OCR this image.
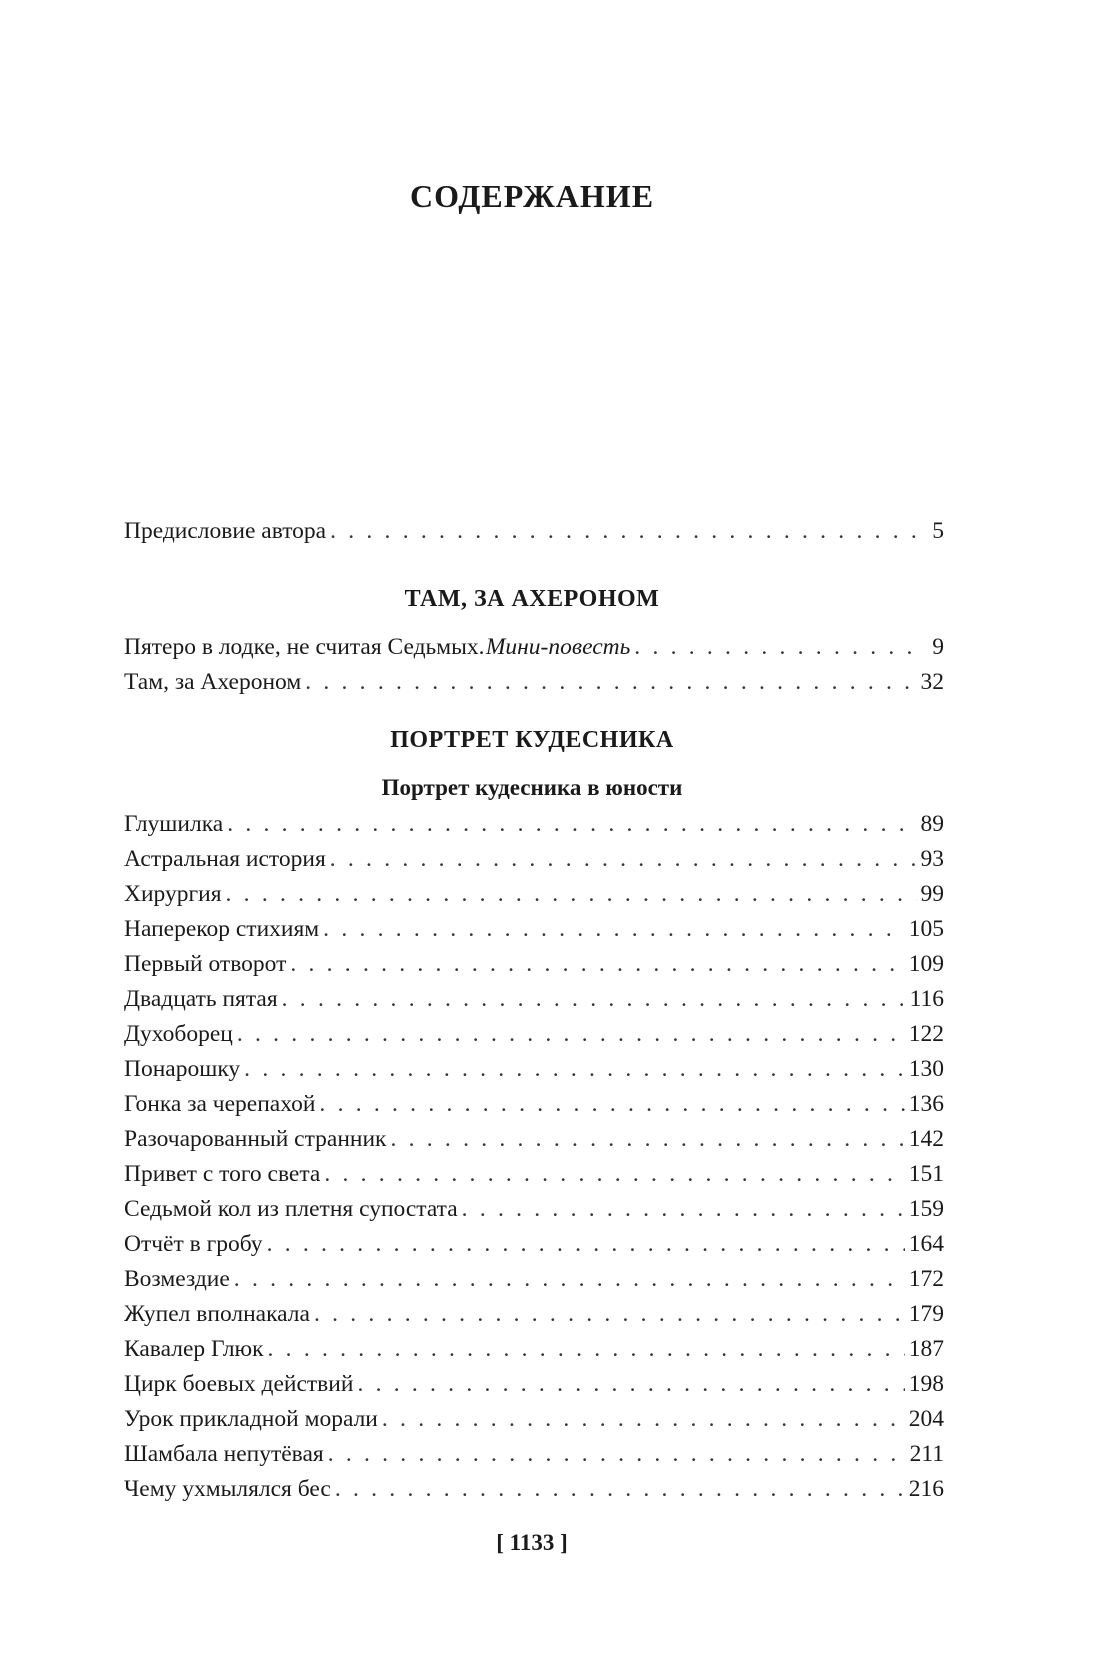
СОДЕРЖАНИЕ
Предисловие автора . . .	5
ТАМ, ЗА АХЕРОНОМ
Пятеро в лодке, не считая Седьмых. Мини-повесть . . .	9
Там, за Ахероном . . .	32
ПОРТРЕТ КУДЕСНИКА
Портрет кудесника в юности
Глушилка . . .	89
Астральная история . . .	93
Хирургия . . .	99
Наперекор стихиям . . .	105
Первый отворот . . .	109
Двадцать пятая . . .	116
Духоборец . . .	122
Понарошку . . .	130
Гонка за черепахой . . .	136
Разочарованный странник . . .	142
Привет с того света . . .	151
Седьмой кол из плетня супостата . . .	159
Отчёт в гробу . . .	164
Возмездие . . .	172
Жупел вполнакала . . .	179
Кавалер Глюк . . .	187
Цирк боевых действий . . .	198
Урок прикладной морали . . .	204
Шамбала непутёвая . . .	211
Чему ухмылялся бес . . .	216
[ 1133 ]
